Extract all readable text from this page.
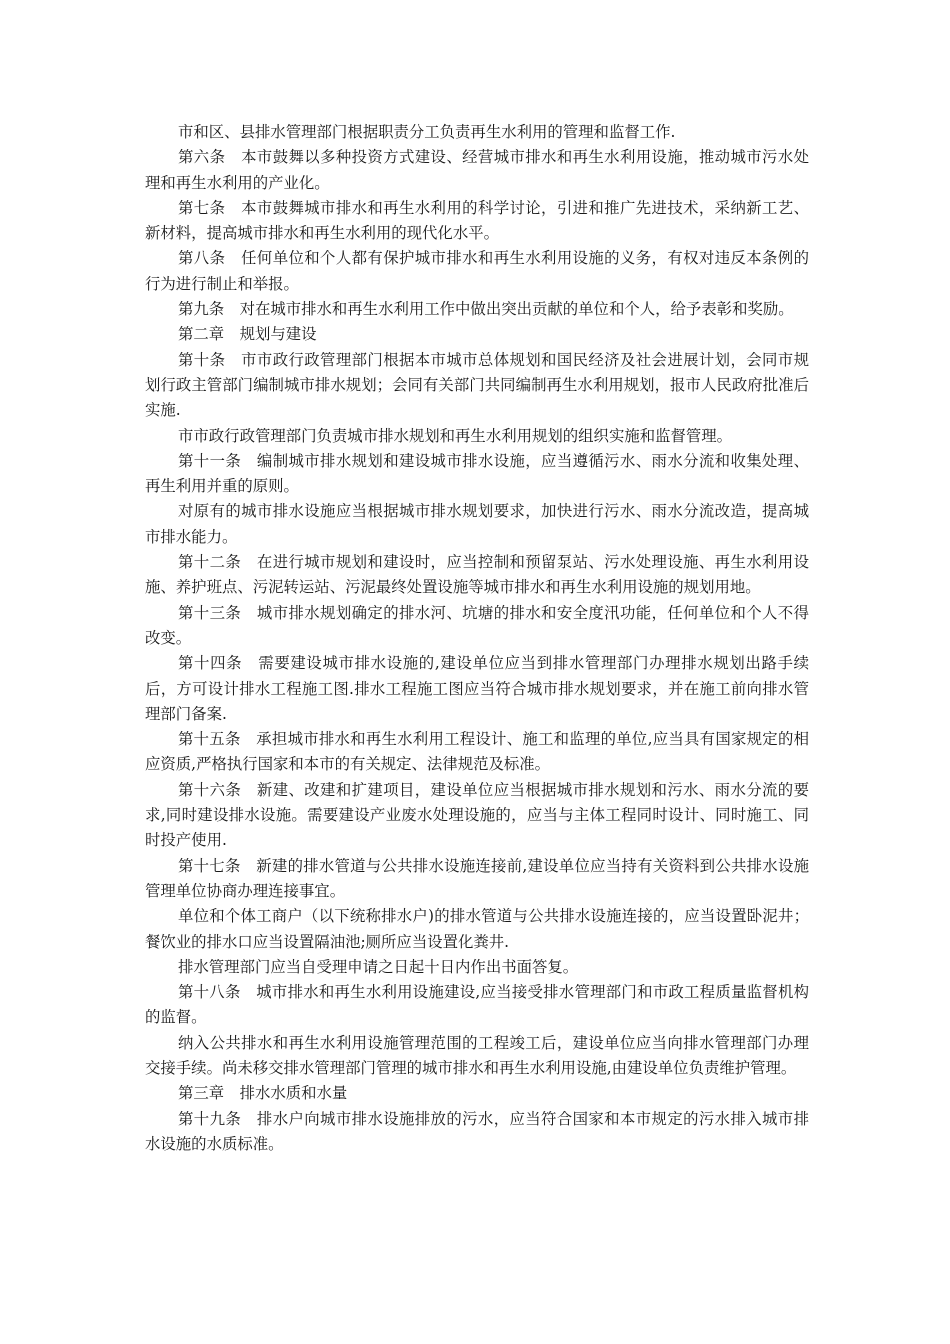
市和区、县排水管理部门根据职责分工负责再生水利用的管理和监督工作.

第六条　本市鼓舞以多种投资方式建设、经营城市排水和再生水利用设施，推动城市污水处理和再生水利用的产业化。

第七条　本市鼓舞城市排水和再生水利用的科学讨论，引进和推广先进技术，采纳新工艺、新材料，提高城市排水和再生水利用的现代化水平。

第八条　任何单位和个人都有保护城市排水和再生水利用设施的义务，有权对违反本条例的行为进行制止和举报。

第九条　对在城市排水和再生水利用工作中做出突出贡献的单位和个人，给予表彰和奖励。

第二章　规划与建设

第十条　市市政行政管理部门根据本市城市总体规划和国民经济及社会进展计划，会同市规划行政主管部门编制城市排水规划；会同有关部门共同编制再生水利用规划，报市人民政府批准后实施.

市市政行政管理部门负责城市排水规划和再生水利用规划的组织实施和监督管理。

第十一条　编制城市排水规划和建设城市排水设施，应当遵循污水、雨水分流和收集处理、再生利用并重的原则。

对原有的城市排水设施应当根据城市排水规划要求，加快进行污水、雨水分流改造，提高城市排水能力。

第十二条　在进行城市规划和建设时，应当控制和预留泵站、污水处理设施、再生水利用设施、养护班点、污泥转运站、污泥最终处置设施等城市排水和再生水利用设施的规划用地。

第十三条　城市排水规划确定的排水河、坑塘的排水和安全度汛功能，任何单位和个人不得改变。

第十四条　需要建设城市排水设施的,建设单位应当到排水管理部门办理排水规划出路手续后，方可设计排水工程施工图.排水工程施工图应当符合城市排水规划要求，并在施工前向排水管理部门备案.

第十五条　承担城市排水和再生水利用工程设计、施工和监理的单位,应当具有国家规定的相应资质,严格执行国家和本市的有关规定、法律规范及标准。

第十六条　新建、改建和扩建项目，建设单位应当根据城市排水规划和污水、雨水分流的要求,同时建设排水设施。需要建设产业废水处理设施的，应当与主体工程同时设计、同时施工、同时投产使用.

第十七条　新建的排水管道与公共排水设施连接前,建设单位应当持有关资料到公共排水设施管理单位协商办理连接事宜。

单位和个体工商户（以下统称排水户)的排水管道与公共排水设施连接的，应当设置卧泥井；餐饮业的排水口应当设置隔油池;厕所应当设置化粪井.

排水管理部门应当自受理申请之日起十日内作出书面答复。

第十八条　城市排水和再生水利用设施建设,应当接受排水管理部门和市政工程质量监督机构的监督。

纳入公共排水和再生水利用设施管理范围的工程竣工后，建设单位应当向排水管理部门办理交接手续。尚未移交排水管理部门管理的城市排水和再生水利用设施,由建设单位负责维护管理。

第三章　排水水质和水量

第十九条　排水户向城市排水设施排放的污水，应当符合国家和本市规定的污水排入城市排水设施的水质标准。
